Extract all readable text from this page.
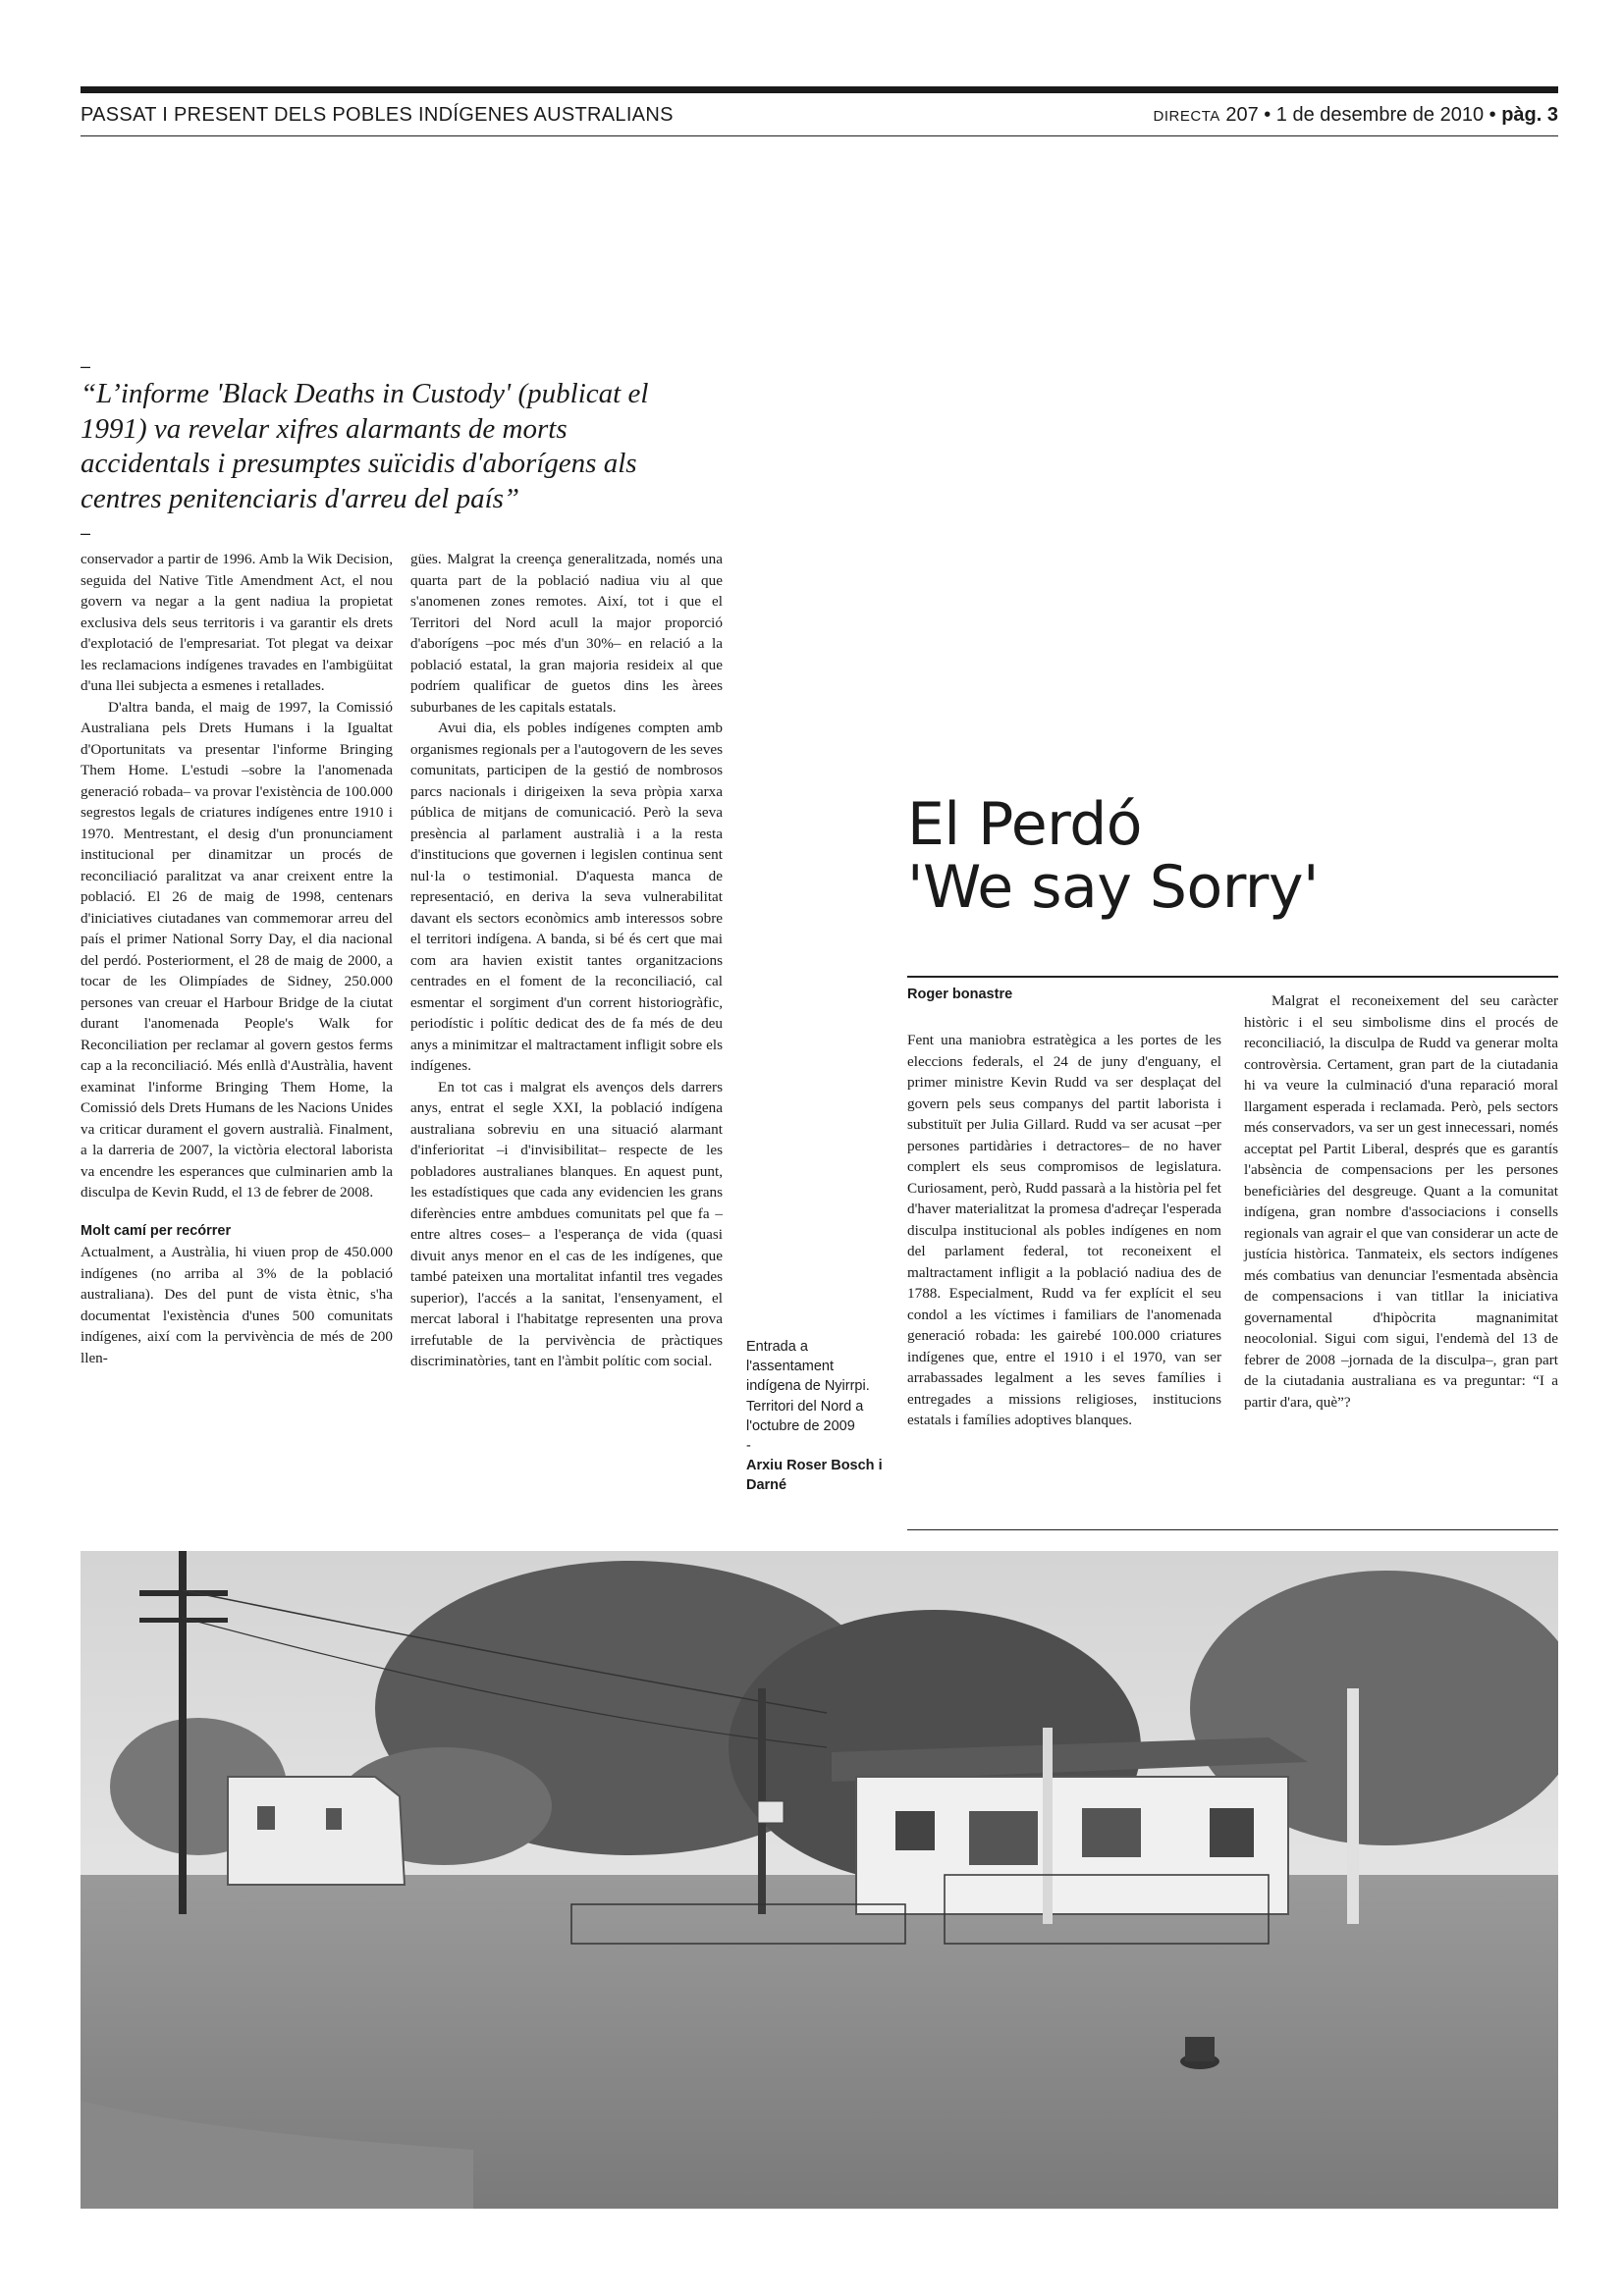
PASSAT I PRESENT DELS POBLES INDÍGENES AUSTRALIANS	DIRECTA 207 • 1 de desembre de 2010 • pàg. 3
–
“L’informe 'Black Deaths in Custody' (publicat el 1991) va revelar xifres alarmants de morts accidentals i presumptes suïcidis d'aborígens als centres penitenciaris d'arreu del país”
–

conservador a partir de 1996. Amb la Wik Decision, seguida del Native Title Amendment Act, el nou govern va negar a la gent nadiua la propietat exclusiva dels seus territoris i va garantir els drets d'explotació de l'empresariat. Tot plegat va deixar les reclamacions indígenes travades en l'ambigüitat d'una llei subjecta a esmenes i retallades.

D'altra banda, el maig de 1997, la Comissió Australiana pels Drets Humans i la Igualtat d'Oportunitats va presentar l'informe Bringing Them Home. L'estudi –sobre la l'anomenada generació robada– va provar l'existència de 100.000 segrestos legals de criatures indígenes entre 1910 i 1970. Mentrestant, el desig d'un pronunciament institucional per dinamitzar un procés de reconciliació paralitzat va anar creixent entre la població. El 26 de maig de 1998, centenars d'iniciatives ciutadanes van commemorar arreu del país el primer National Sorry Day, el dia nacional del perdó. Posteriorment, el 28 de maig de 2000, a tocar de les Olimpíades de Sidney, 250.000 persones van creuar el Harbour Bridge de la ciutat durant l'anomenada People's Walk for Reconciliation per reclamar al govern gestos ferms cap a la reconciliació. Més enllà d'Austràlia, havent examinat l'informe Bringing Them Home, la Comissió dels Drets Humans de les Nacions Unides va criticar durament el govern australià. Finalment, a la darreria de 2007, la victòria electoral laborista va encendre les esperances que culminarien amb la disculpa de Kevin Rudd, el 13 de febrer de 2008.

Molt camí per recórrer

Actualment, a Austràlia, hi viuen prop de 450.000 indígenes (no arriba al 3% de la població australiana). Des del punt de vista ètnic, s'ha documentat l'existència d'unes 500 comunitats indígenes, així com la pervivència de més de 200 llen-

gües. Malgrat la creença generalitzada, només una quarta part de la població nadiua viu al que s'anomenen zones remotes. Així, tot i que el Territori del Nord acull la major proporció d'aborígens –poc més d'un 30%– en relació a la població estatal, la gran majoria resideix al que podríem qualificar de guetos dins les àrees suburbanes de les capitals estatals.

Avui dia, els pobles indígenes compten amb organismes regionals per a l'autogovern de les seves comunitats, participen de la gestió de nombrosos parcs nacionals i dirigeixen la seva pròpia xarxa pública de mitjans de comunicació. Però la seva presència al parlament australià i a la resta d'institucions que governen i legislen continua sent nul·la o testimonial. D'aquesta manca de representació, en deriva la seva vulnerabilitat davant els sectors econòmics amb interessos sobre el territori indígena. A banda, si bé és cert que mai com ara havien existit tantes organitzacions centrades en el foment de la reconciliació, cal esmentar el sorgiment d'un corrent historiogràfic, periodístic i polític dedicat des de fa més de deu anys a minimitzar el maltractament infligit sobre els indígenes.

En tot cas i malgrat els avenços dels darrers anys, entrat el segle XXI, la població indígena australiana sobreviu en una situació alarmant d'inferioritat –i d'invisibilitat– respecte de les pobladores australianes blanques. En aquest punt, les estadístiques que cada any evidencien les grans diferències entre ambdues comunitats pel que fa –entre altres coses– a l'esperança de vida (quasi divuit anys menor en el cas de les indígenes, que també pateixen una mortalitat infantil tres vegades superior), l'accés a la sanitat, l'ensenyament, el mercat laboral i l'habitatge representen una prova irrefutable de la pervivència de pràctiques discriminatòries, tant en l'àmbit polític com social.

Entrada a l'assentament indígena de Nyirrpi. Territori del Nord a l'octubre de 2009
-
Arxiu Roser Bosch i Darné
El Perdó
'We say Sorry'
Roger bonastre

Fent una maniobra estratègica a les portes de les eleccions federals, el 24 de juny d'enguany, el primer ministre Kevin Rudd va ser desplaçat del govern pels seus companys del partit laborista i substituït per Julia Gillard. Rudd va ser acusat –per persones partidàries i detractores– de no haver complert els seus compromisos de legislatura. Curiosament, però, Rudd passarà a la història pel fet d'haver materialitzat la promesa d'adreçar l'esperada disculpa institucional als pobles indígenes en nom del parlament federal, tot reconeixent el maltractament infligit a la població nadiua des de 1788. Especialment, Rudd va fer explícit el seu condol a les víctimes i familiars de l'anomenada generació robada: les gairebé 100.000 criatures indígenes que, entre el 1910 i el 1970, van ser arrabassades legalment a les seves famílies i entregades a missions religioses, institucions estatals i famílies adoptives blanques.

Malgrat el reconeixement del seu caràcter històric i el seu simbolisme dins el procés de reconciliació, la disculpa de Rudd va generar molta controvèrsia. Certament, gran part de la ciutadania hi va veure la culminació d'una reparació moral llargament esperada i reclamada. Però, pels sectors més conservadors, va ser un gest innecessari, només acceptat pel Partit Liberal, després que es garantís l'absència de compensacions per les persones beneficiàries del desgreuge. Quant a la comunitat indígena, gran nombre d'associacions i consells regionals van agrair el que van considerar un acte de justícia històrica. Tanmateix, els sectors indígenes més combatius van denunciar l'esmentada absència de compensacions i van titllar la iniciativa governamental d'hipòcrita magnanimitat neocolonial. Sigui com sigui, l'endemà del 13 de febrer de 2008 –jornada de la disculpa–, gran part de la ciutadania australiana es va preguntar: “I a partir d'ara, què”?
